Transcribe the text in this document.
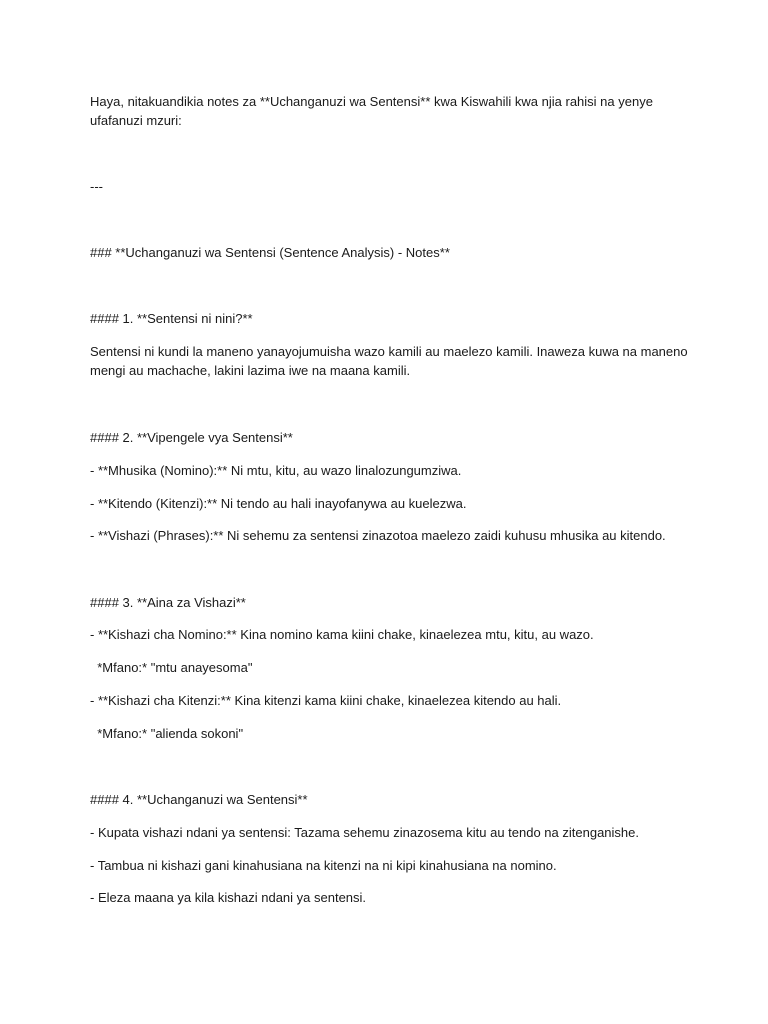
Haya, nitakuandikia notes za **Uchanganuzi wa Sentensi** kwa Kiswahili kwa njia rahisi na yenye ufafanuzi mzuri:

---

### **Uchanganuzi wa Sentensi (Sentence Analysis) - Notes**

#### 1. **Sentensi ni nini?**

Sentensi ni kundi la maneno yanayojumuisha wazo kamili au maelezo kamili. Inaweza kuwa na maneno mengi au machache, lakini lazima iwe na maana kamili.

#### 2. **Vipengele vya Sentensi**

- **Mhusika (Nomino):** Ni mtu, kitu, au wazo linalozungumziwa.

- **Kitendo (Kitenzi):** Ni tendo au hali inayofanywa au kuelezwa.

- **Vishazi (Phrases):** Ni sehemu za sentensi zinazotoa maelezo zaidi kuhusu mhusika au kitendo.

#### 3. **Aina za Vishazi**

- **Kishazi cha Nomino:** Kina nomino kama kiini chake, kinaelezea mtu, kitu, au wazo.

*Mfano:* "mtu anayesoma"

- **Kishazi cha Kitenzi:** Kina kitenzi kama kiini chake, kinaelezea kitendo au hali.

*Mfano:* "alienda sokoni"

#### 4. **Uchanganuzi wa Sentensi**

- Kupata vishazi ndani ya sentensi: Tazama sehemu zinazosema kitu au tendo na zitenganishe.

- Tambua ni kishazi gani kinahusiana na kitenzi na ni kipi kinahusiana na nomino.

- Eleza maana ya kila kishazi ndani ya sentensi.
